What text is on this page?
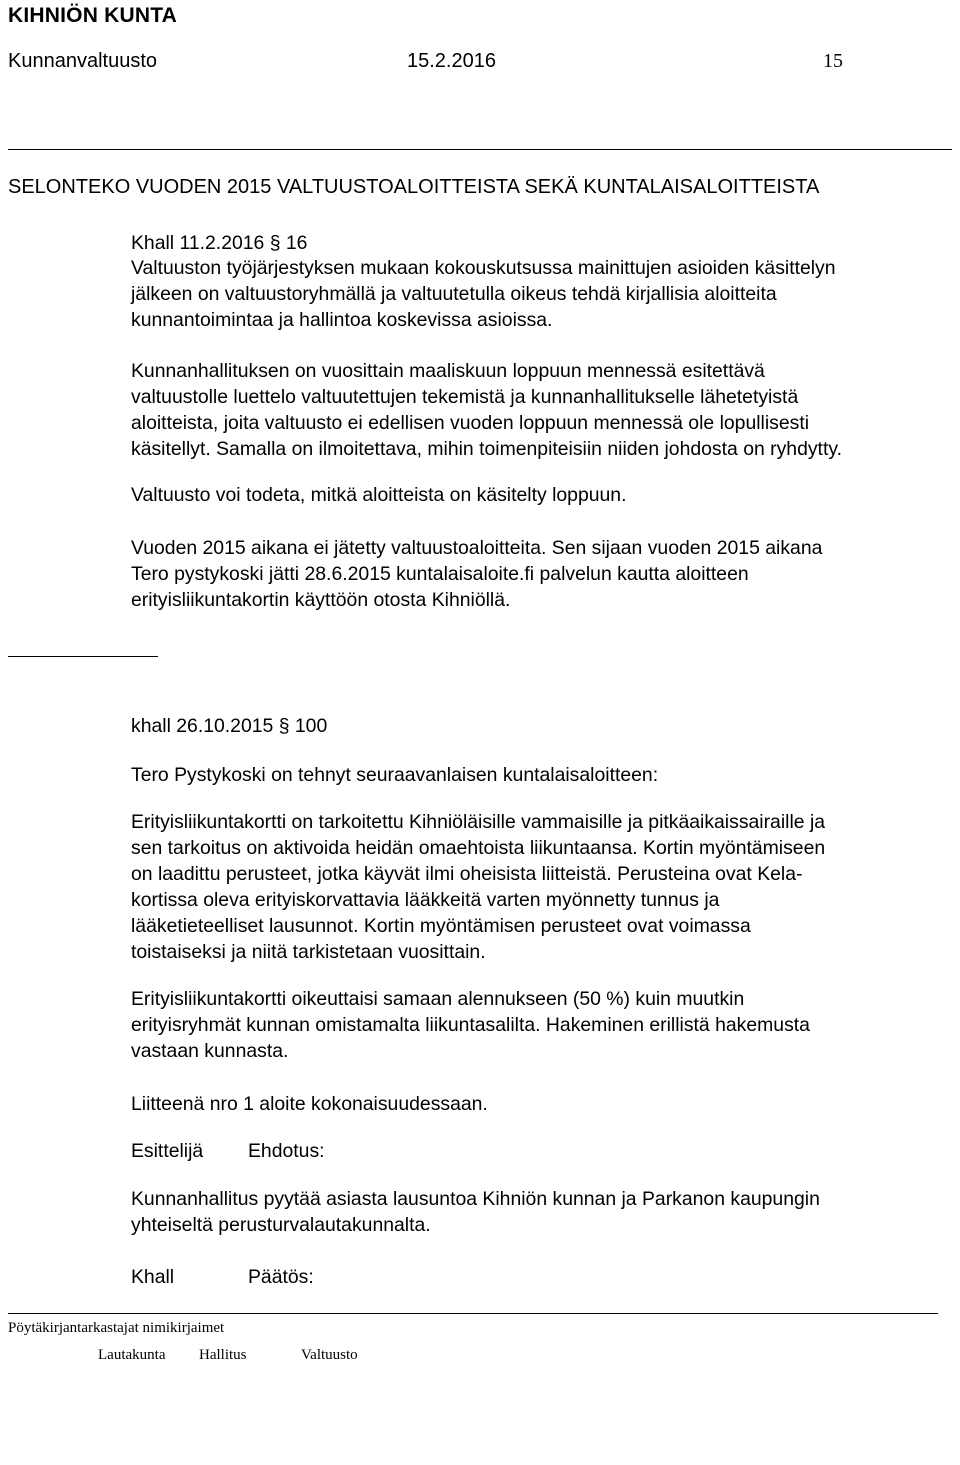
KIHNIÖN KUNTA
Kunnanvaltuusto	15.2.2016	15
SELONTEKO VUODEN 2015 VALTUUSTOALOITTEISTA SEKÄ KUNTALAISALOITTEISTA
Khall 11.2.2016 § 16
Valtuuston työjärjestyksen mukaan kokouskutsussa mainittujen asioiden käsittelyn
jälkeen on valtuustoryhmällä ja valtuutetulla oikeus tehdä kirjallisia aloitteita
kunnantoimintaa ja hallintoa koskevissa asioissa.
Kunnanhallituksen on vuosittain maaliskuun loppuun mennessä esitettävä
valtuustolle luettelo valtuutettujen tekemistä ja kunnanhallitukselle lähetetyistä
aloitteista, joita valtuusto ei edellisen vuoden loppuun mennessä ole lopullisesti
käsitellyt. Samalla on ilmoitettava, mihin toimenpiteisiin niiden johdosta on ryhdytty.
Valtuusto voi todeta, mitkä aloitteista on käsitelty loppuun.
Vuoden 2015 aikana ei jätetty valtuustoaloitteita. Sen sijaan vuoden 2015 aikana
Tero pystykoski jätti 28.6.2015 kuntalaisaloite.fi palvelun kautta aloitteen
erityisliikuntakortin käyttöön otosta Kihniöllä.
khall 26.10.2015 § 100
Tero Pystykoski on tehnyt seuraavanlaisen kuntalaisaloitteen:
Erityisliikuntakortti on tarkoitettu Kihniöläisille vammaisille ja pitkäaikaissairaille ja
sen tarkoitus on aktivoida heidän omaehtoista liikuntaansa. Kortin myöntämiseen
on laadittu perusteet, jotka käyvät ilmi oheisista liitteistä. Perusteina ovat Kela-
kortissa oleva erityiskorvattavia lääkkeitä varten myönnetty tunnus ja
lääketieteelliset lausunnot. Kortin myöntämisen perusteet ovat voimassa
toistaiseksi ja niitä tarkistetaan vuosittain.
Erityisliikuntakortti oikeuttaisi samaan alennukseen (50 %) kuin muutkin
erityisryhmät kunnan omistamalta liikuntasalilta. Hakeminen erillistä hakemusta
vastaan kunnasta.
Liitteenä nro 1 aloite kokonaisuudessaan.
Esittelijä Ehdotus:
Kunnanhallitus pyytää asiasta lausuntoa Kihniön kunnan ja Parkanon kaupungin
yhteiseltä perusturvalautakunnalta.
Khall	Päätös:
Pöytäkirjantarkastajat nimikirjaimet
Lautakunta Hallitus	Valtuusto
